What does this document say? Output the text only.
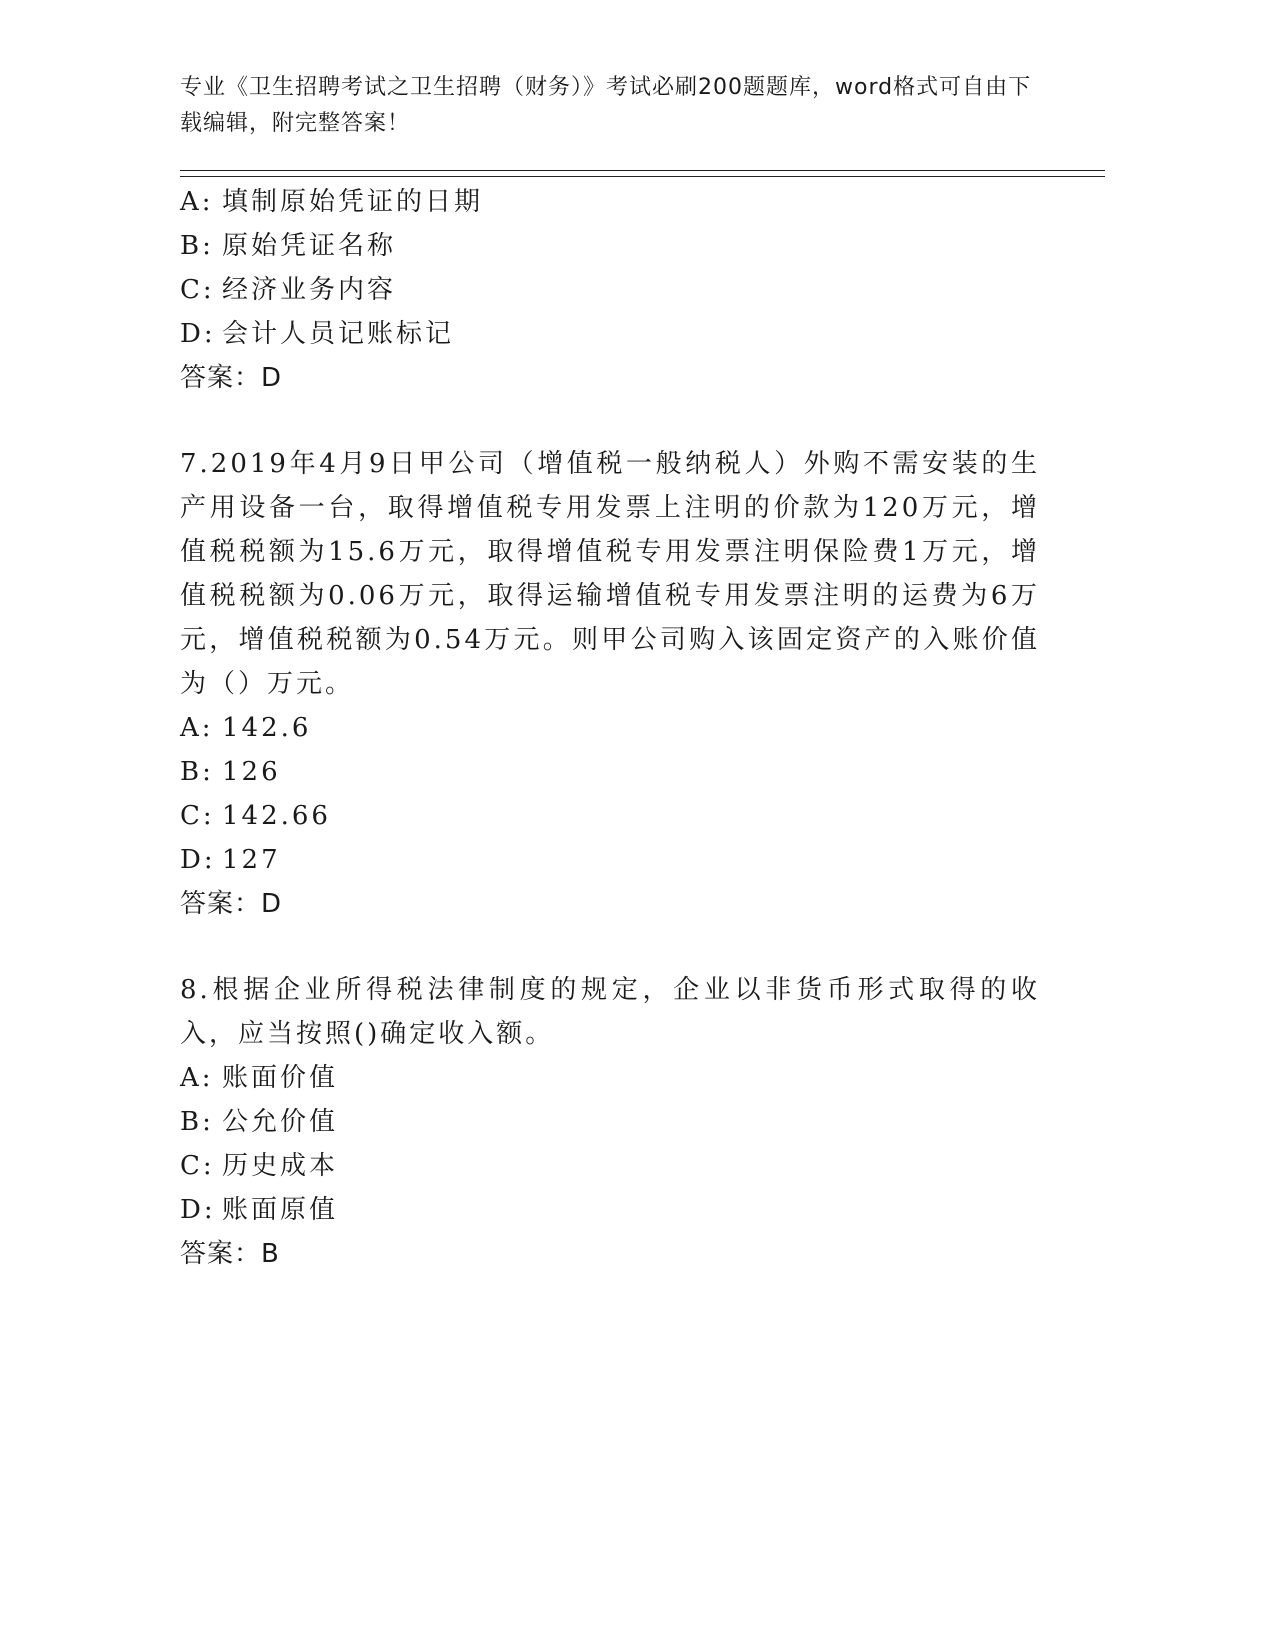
专业《卫生招聘考试之卫生招聘（财务）》考试必刷200题题库，word格式可自由下载编辑，附完整答案！
A: 填制原始凭证的日期
B: 原始凭证名称
C: 经济业务内容
D: 会计人员记账标记
答案：D
7.2019年4月9日甲公司（增值税一般纳税人）外购不需安装的生产用设备一台，取得增值税专用发票上注明的价款为120万元，增值税税额为15.6万元，取得增值税专用发票注明保险费1万元，增值税税额为0.06万元，取得运输增值税专用发票注明的运费为6万元，增值税税额为0.54万元。则甲公司购入该固定资产的入账价值为（）万元。
A: 142.6
B: 126
C: 142.66
D: 127
答案：D
8.根据企业所得税法律制度的规定，企业以非货币形式取得的收入，应当按照()确定收入额。
A: 账面价值
B: 公允价值
C: 历史成本
D: 账面原值
答案：B
